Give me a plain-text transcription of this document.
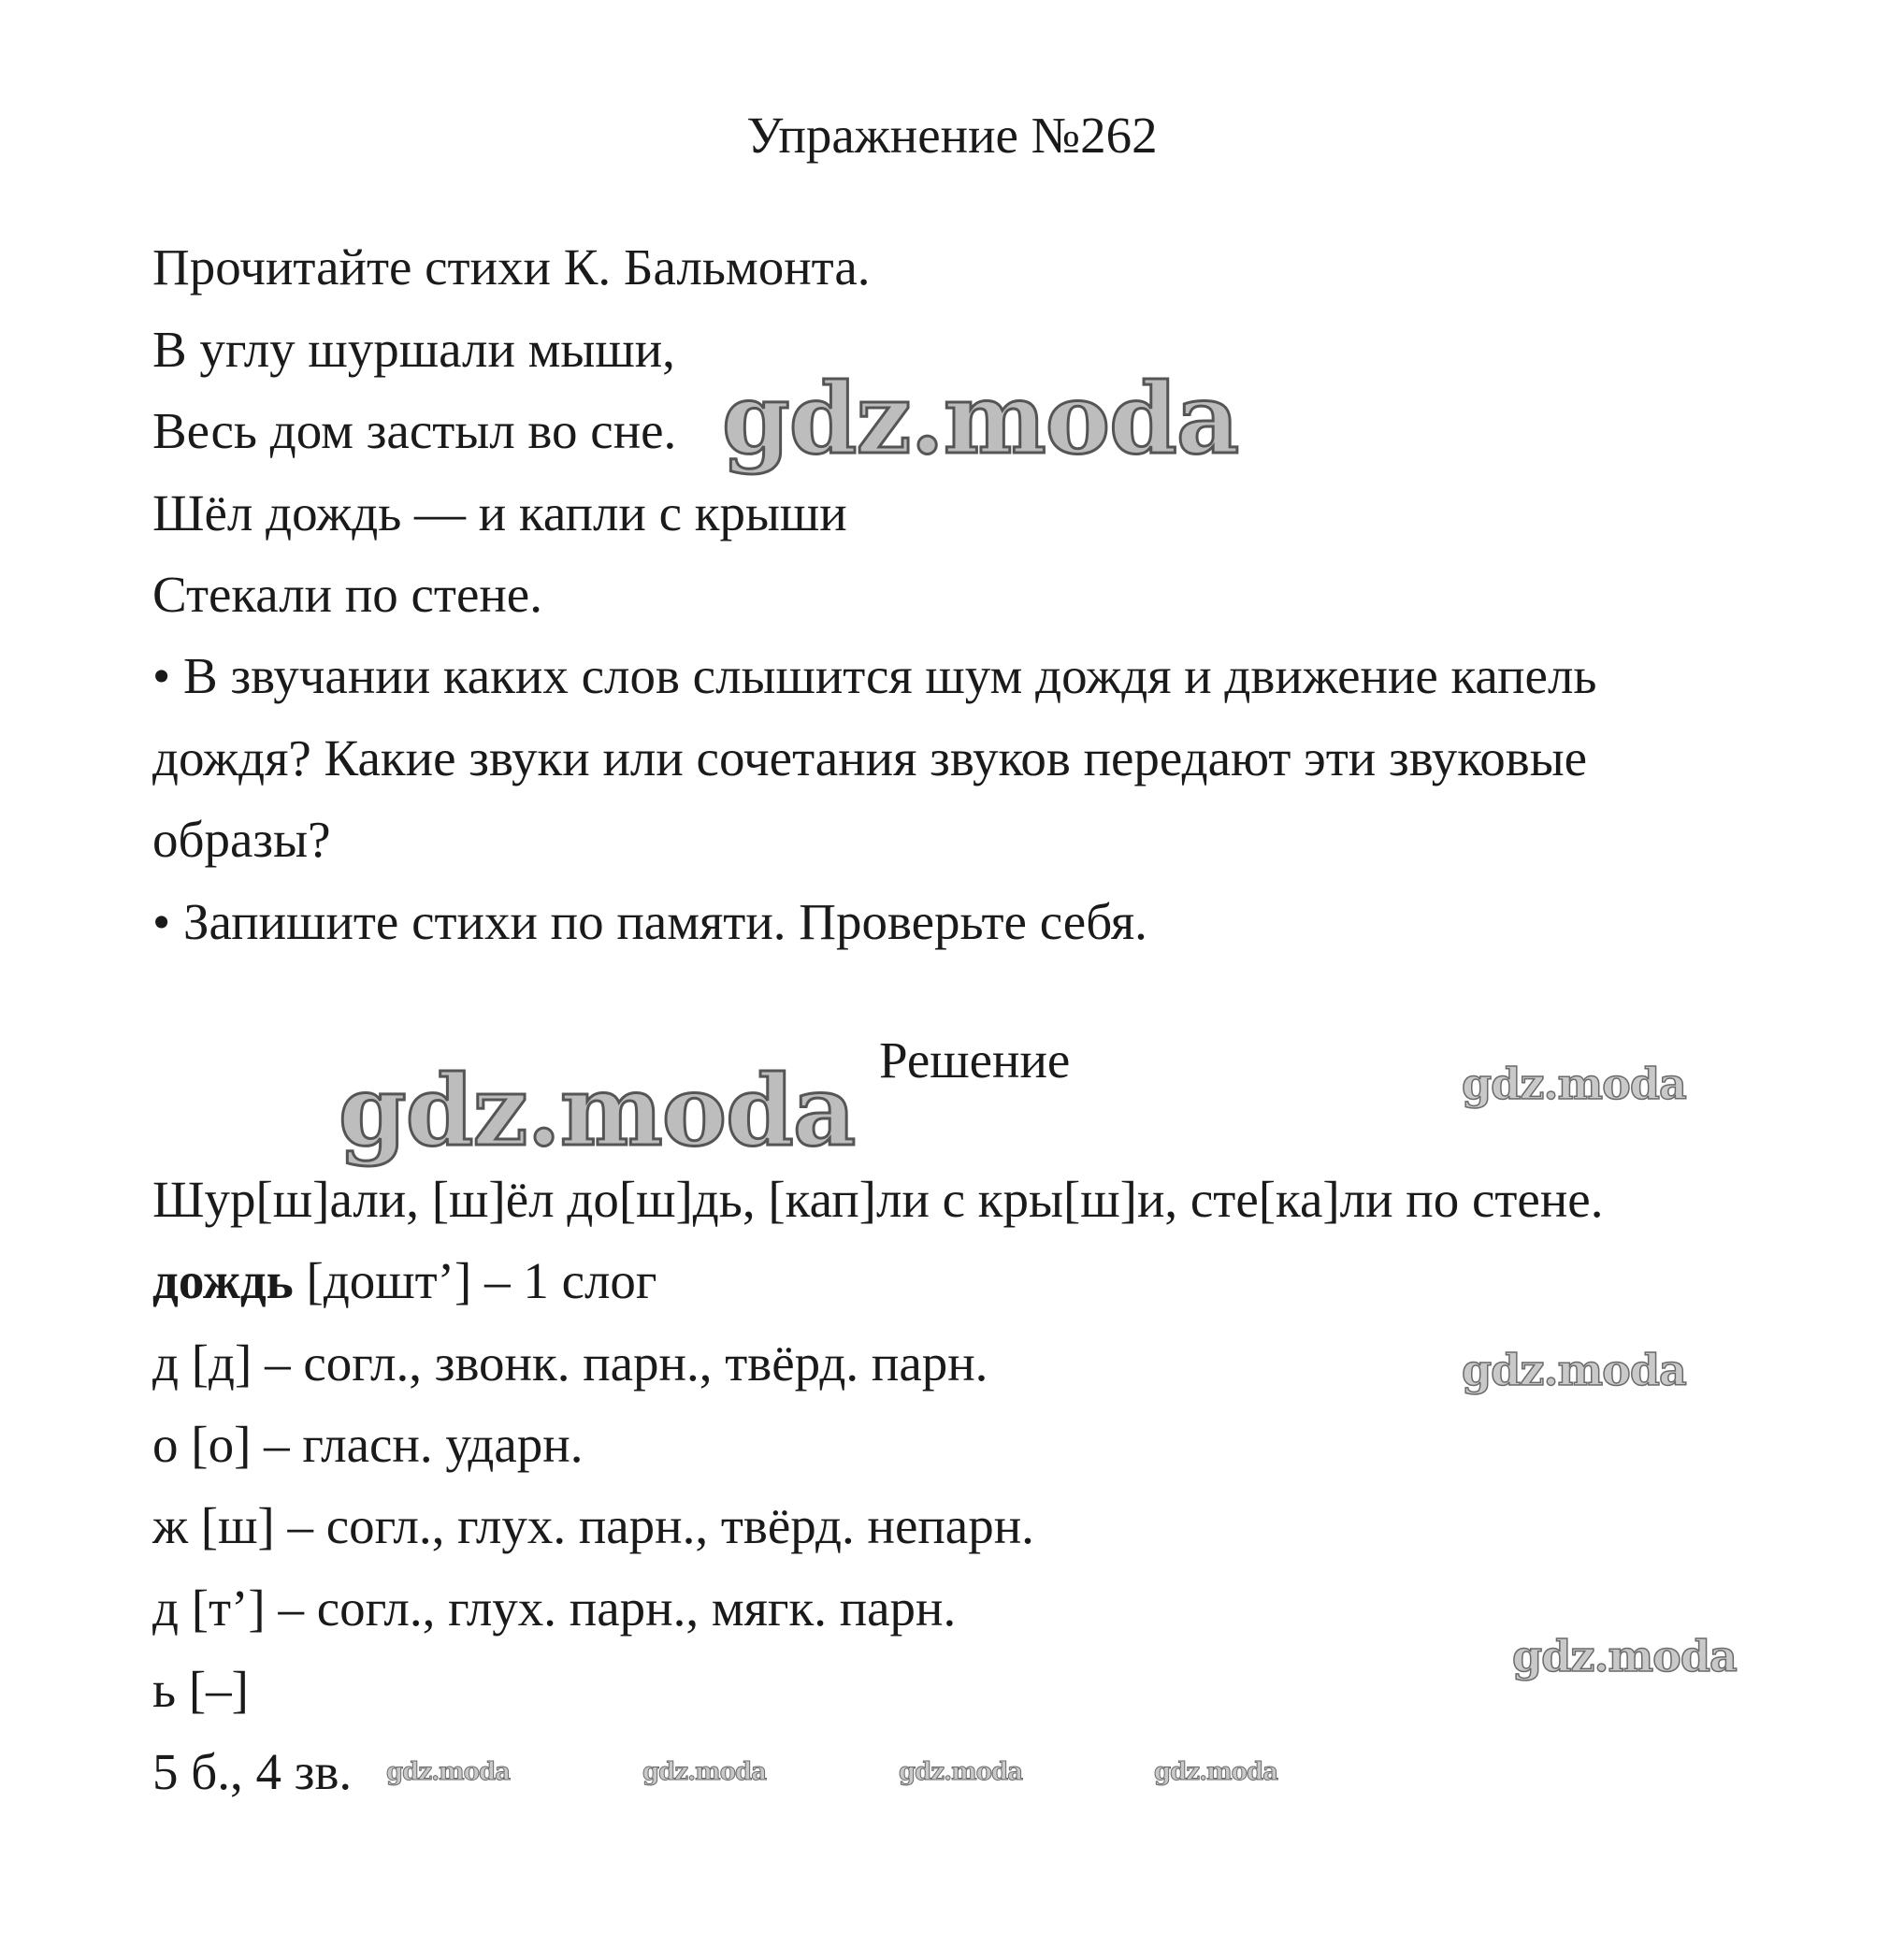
Упражнение №262
Прочитайте стихи К. Бальмонта.
В углу шуршали мыши,
Весь дом застыл во сне.
Шёл дождь — и капли с крыши
Стекали по стене.
• В звучании каких слов слышится шум дождя и движение капель
дождя? Какие звуки или сочетания звуков передают эти звуковые
образы?
• Запишите стихи по памяти. Проверьте себя.
Решение
Шур[ш]али, [ш]ёл до[ш]дь, [кап]ли с кры[ш]и, сте[ка]ли по стене.
дождь [дошт’] – 1 слог
д [д] – согл., звонк. парн., твёрд. парн.
о [о] – гласн. ударн.
ж [ш] – согл., глух. парн., твёрд. непарн.
д [т’] – согл., глух. парн., мягк. парн.
ь [–]
5 б., 4 зв.
gdz.moda
gdz.moda	gdz.moda
gdz.moda
gdz.moda
gdz.moda	gdz.moda	gdz.moda	gdz.moda
